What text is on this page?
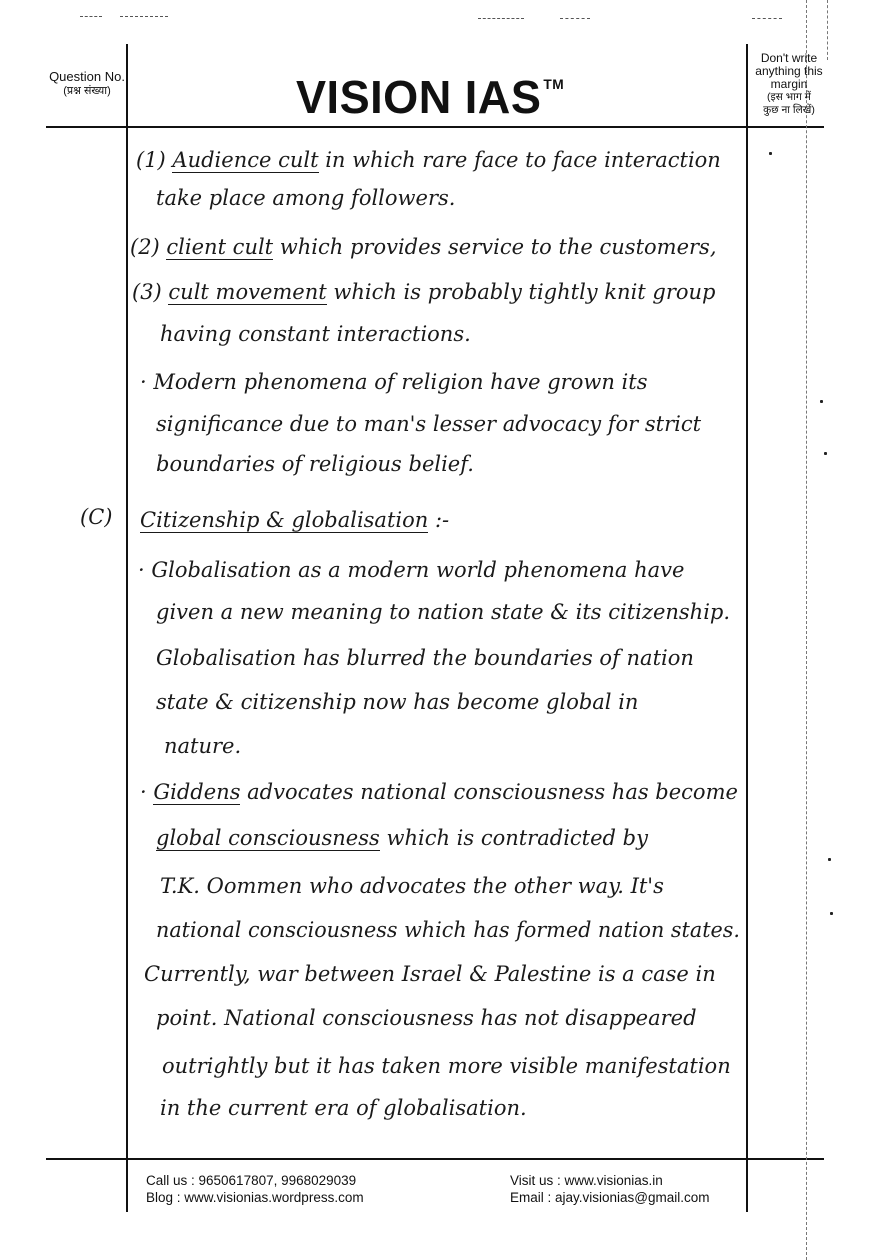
Question No.
(प्रश्न संख्या)	VISION IAS ™
Don't write
anything this
margin
(इस भाग में
कुछ ना लिखें)
(C)
(1) Audience cult in which rare face to face interaction
take place among followers.
(2) client cult which provides service to the customers,
(3) cult movement which is probably tightly knit group
having constant interactions.
· Modern phenomena of religion have grown its
significance due to man's lesser advocacy for strict
boundaries of religious belief.
Citizenship & globalisation :-
· Globalisation as a modern world phenomena have
given a new meaning to nation state & its citizenship.
Globalisation has blurred the boundaries of nation
state & citizenship now has become global in
nature.
· Giddens advocates national consciousness has become
global consciousness which is contradicted by
T.K. Oommen who advocates the other way. It's
national consciousness which has formed nation states.
Currently, war between Israel & Palestine is a case in
point. National consciousness has not disappeared
outrightly but it has taken more visible manifestation
in the current era of globalisation.
Call us : 9650617807, 9968029039
Blog : www.visionias.wordpress.com
Visit us : www.visionias.in
Email : ajay.visionias@gmail.com
